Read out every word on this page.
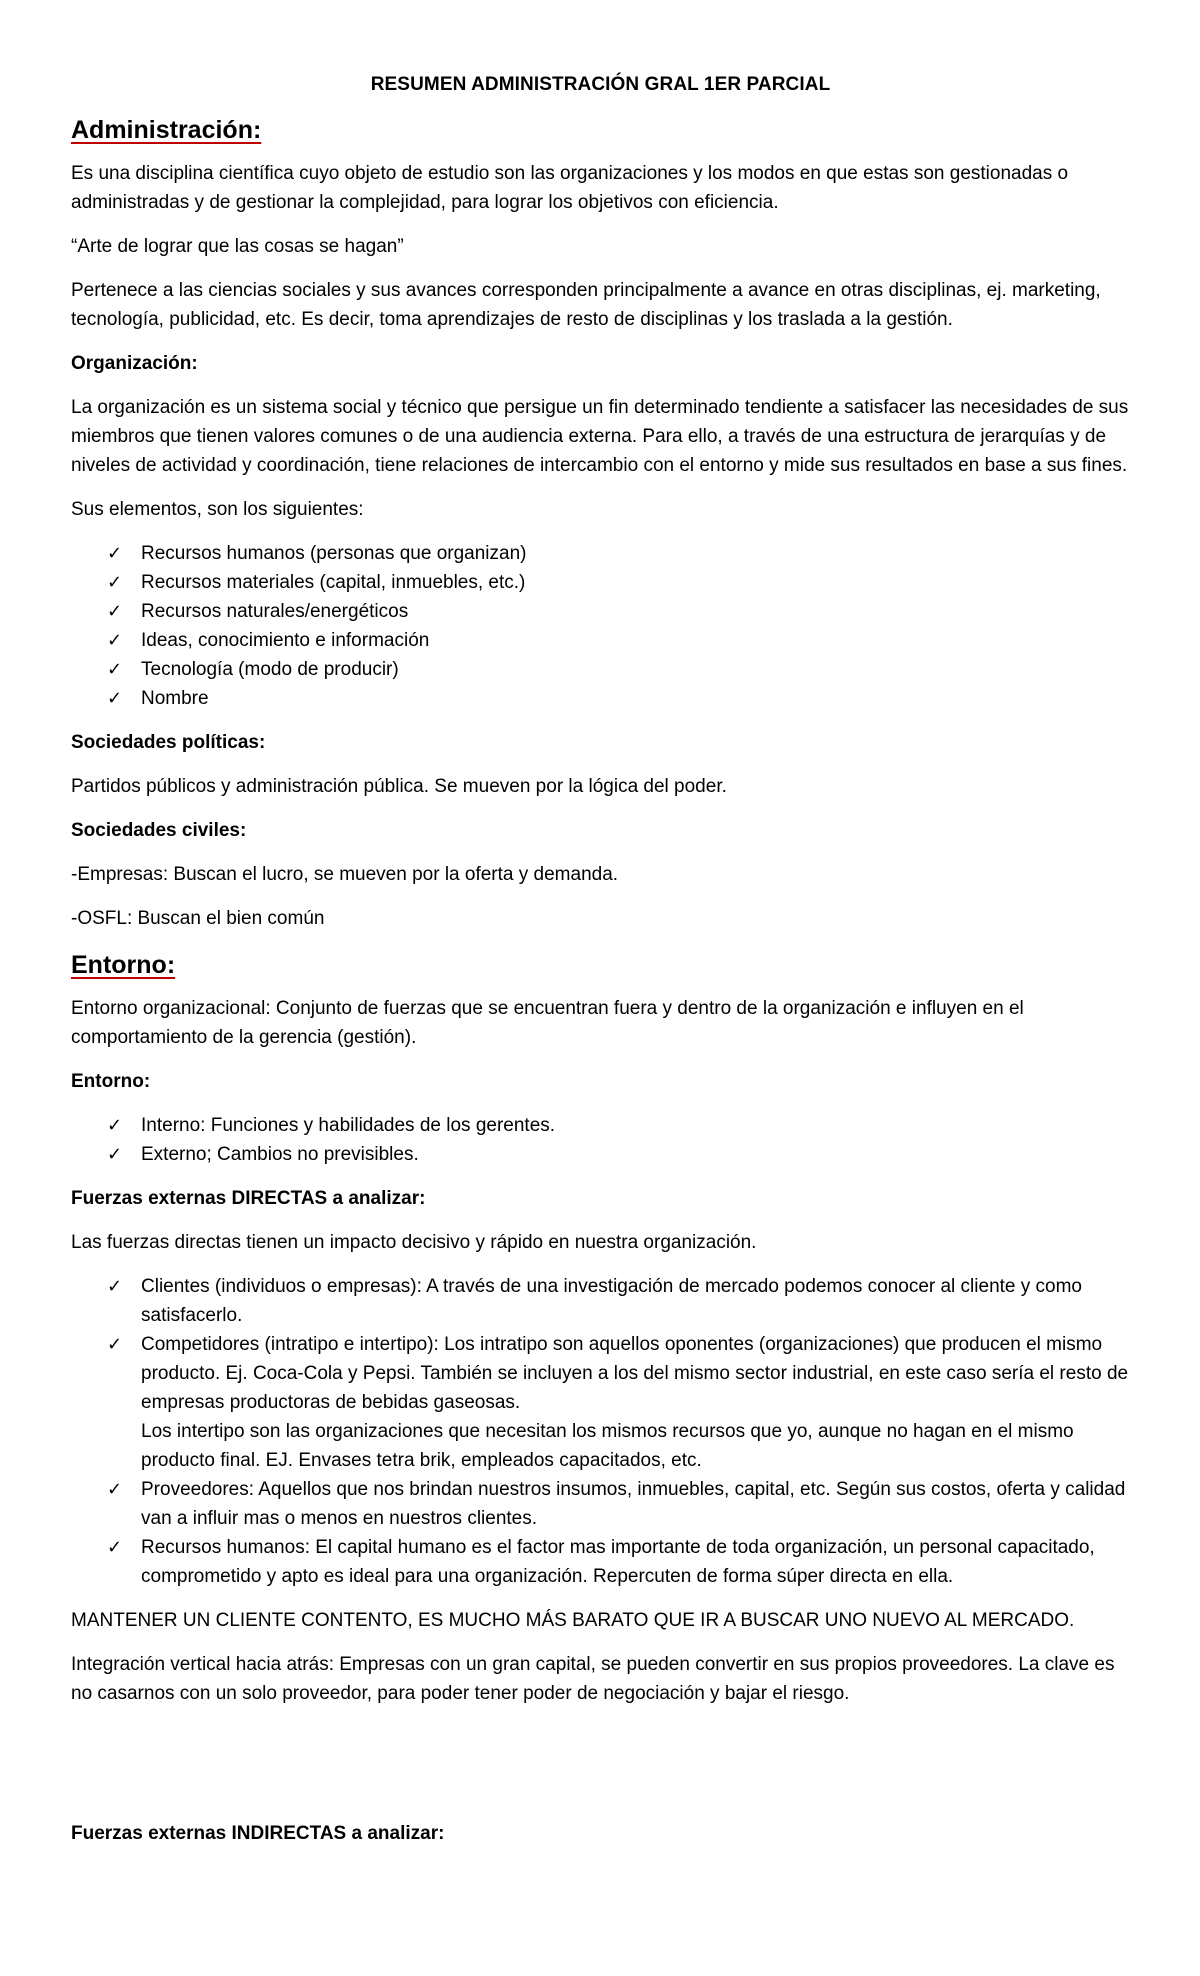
RESUMEN ADMINISTRACIÓN GRAL 1ER PARCIAL
Administración:

Es una disciplina científica cuyo objeto de estudio son las organizaciones y los modos en que estas son gestionadas o administradas y de gestionar la complejidad, para lograr los objetivos con eficiencia.

“Arte de lograr que las cosas se hagan”

Pertenece a las ciencias sociales y sus avances corresponden principalmente a avance en otras disciplinas, ej. marketing, tecnología, publicidad, etc. Es decir, toma aprendizajes de resto de disciplinas y los traslada a la gestión.

Organización:

La organización es un sistema social y técnico que persigue un fin determinado tendiente a satisfacer las necesidades de sus miembros que tienen valores comunes o de una audiencia externa. Para ello, a través de una estructura de jerarquías y de niveles de actividad y coordinación, tiene relaciones de intercambio con el entorno y mide sus resultados en base a sus fines.

Sus elementos, son los siguientes:

✓ Recursos humanos (personas que organizan)
✓ Recursos materiales (capital, inmuebles, etc.)
✓ Recursos naturales/energéticos
✓ Ideas, conocimiento e información
✓ Tecnología (modo de producir)
✓ Nombre

Sociedades políticas:

Partidos públicos y administración pública. Se mueven por la lógica del poder.

Sociedades civiles:

-Empresas: Buscan el lucro, se mueven por la oferta y demanda.

-OSFL: Buscan el bien común

Entorno:

Entorno organizacional: Conjunto de fuerzas que se encuentran fuera y dentro de la organización e influyen en el comportamiento de la gerencia (gestión).

Entorno:

✓ Interno: Funciones y habilidades de los gerentes.
✓ Externo; Cambios no previsibles.

Fuerzas externas DIRECTAS a analizar:

Las fuerzas directas tienen un impacto decisivo y rápido en nuestra organización.

✓ Clientes (individuos o empresas): A través de una investigación de mercado podemos conocer al cliente y como satisfacerlo.
✓ Competidores (intratipo e intertipo): Los intratipo son aquellos oponentes (organizaciones) que producen el mismo producto. Ej. Coca-Cola y Pepsi. También se incluyen a los del mismo sector industrial, en este caso sería el resto de empresas productoras de bebidas gaseosas.
Los intertipo son las organizaciones que necesitan los mismos recursos que yo, aunque no hagan en el mismo producto final. EJ. Envases tetra brik, empleados capacitados, etc.
✓ Proveedores: Aquellos que nos brindan nuestros insumos, inmuebles, capital, etc. Según sus costos, oferta y calidad van a influir mas o menos en nuestros clientes.
✓ Recursos humanos: El capital humano es el factor mas importante de toda organización, un personal capacitado, comprometido y apto es ideal para una organización. Repercuten de forma súper directa en ella.

MANTENER UN CLIENTE CONTENTO, ES MUCHO MÁS BARATO QUE IR A BUSCAR UNO NUEVO AL MERCADO.

Integración vertical hacia atrás: Empresas con un gran capital, se pueden convertir en sus propios proveedores. La clave es no casarnos con un solo proveedor, para poder tener poder de negociación y bajar el riesgo.

Fuerzas externas INDIRECTAS a analizar:
